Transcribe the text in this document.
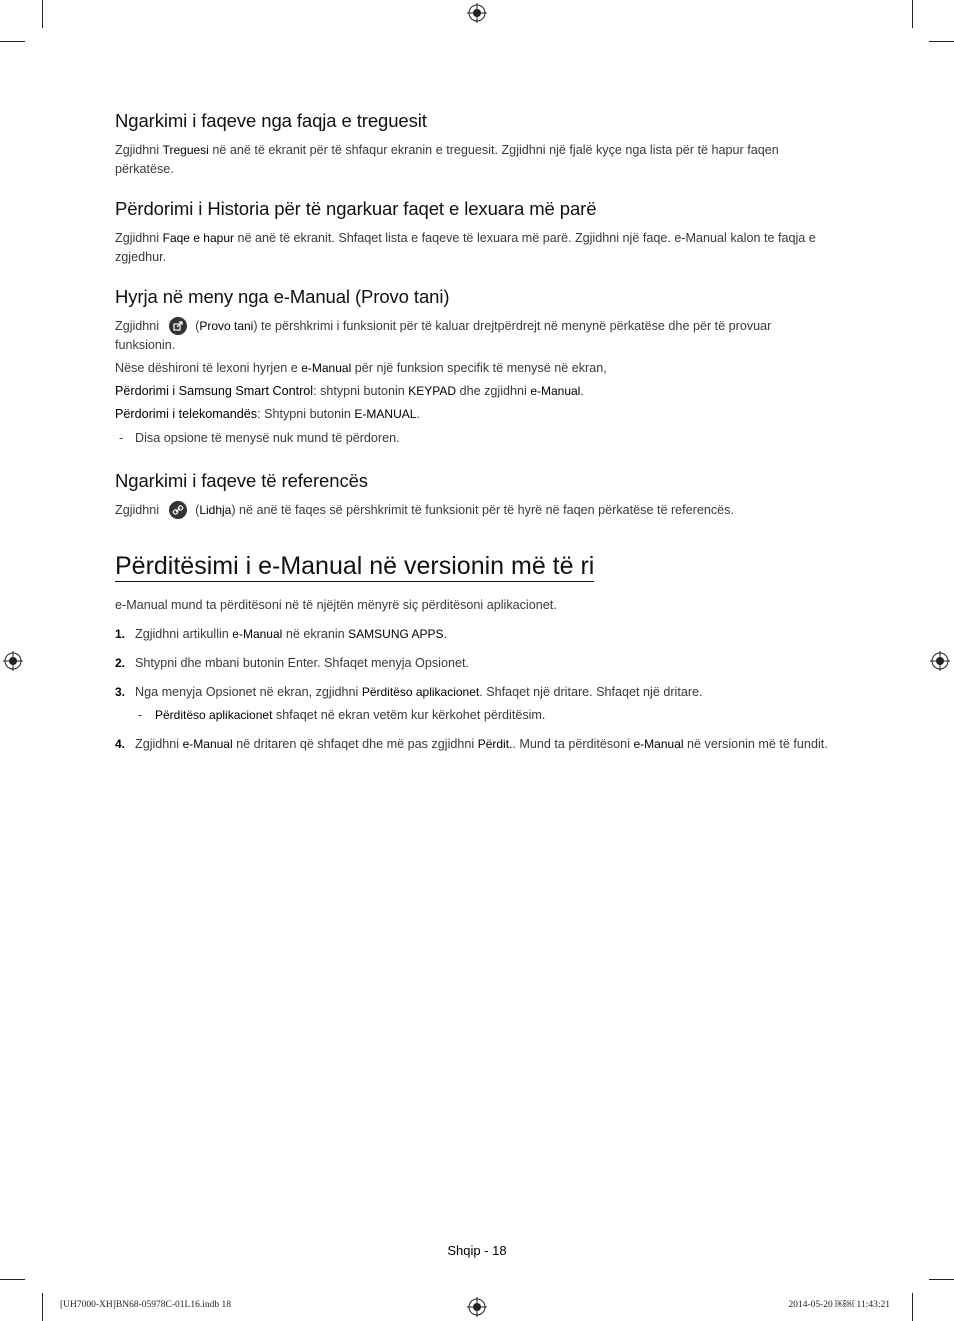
Ngarkimi i faqeve nga faqja e treguesit

Zgjidhni Treguesi në anë të ekranit për të shfaqur ekranin e treguesit. Zgjidhni një fjalë kyçe nga lista për të hapur faqen përkatëse.

Përdorimi i Historia për të ngarkuar faqet e lexuara më parë

Zgjidhni Faqe e hapur në anë të ekranit. Shfaqet lista e faqeve të lexuara më parë. Zgjidhni një faqe. e-Manual kalon te faqja e zgjedhur.

Hyrja në meny nga e-Manual (Provo tani)

Zgjidhni	(Provo tani) te përshkrimi i funksionit për të kaluar drejtpërdrejt në menynë përkatëse dhe për të provuar funksionin.

Nëse dëshironi të lexoni hyrjen e e-Manual për një funksion specifik të menysë në ekran,

Përdorimi i Samsung Smart Control: shtypni butonin KEYPAD dhe zgjidhni e-Manual.

Përdorimi i telekomandës: Shtypni butonin E-MANUAL.

- Disa opsione të menysë nuk mund të përdoren.

Ngarkimi i faqeve të referencës

Zgjidhni	(Lidhja) në anë të faqes së përshkrimit të funksionit për të hyrë në faqen përkatëse të referencës.

Përditësimi i e-Manual në versionin më të ri

e-Manual mund ta përditësoni në të njëjtën mënyrë siç përditësoni aplikacionet.

1. Zgjidhni artikullin e-Manual në ekranin SAMSUNG APPS.
2. Shtypni dhe mbani butonin Enter. Shfaqet menyja Opsionet.
3. Nga menyja Opsionet në ekran, zgjidhni Përditëso aplikacionet. Shfaqet një dritare. Shfaqet një dritare.

- Përditëso aplikacionet shfaqet në ekran vetëm kur kërkohet përditësim.

4. Zgjidhni e-Manual në dritaren që shfaqet dhe më pas zgjidhni Përdit.. Mund ta përditësoni e-Manual në versionin më të fundit.
Shqip - 18
[UH7000-XH]BN68-05978C-01L16.indb 18	2014-05-20 ￼￼ 11:43:21
